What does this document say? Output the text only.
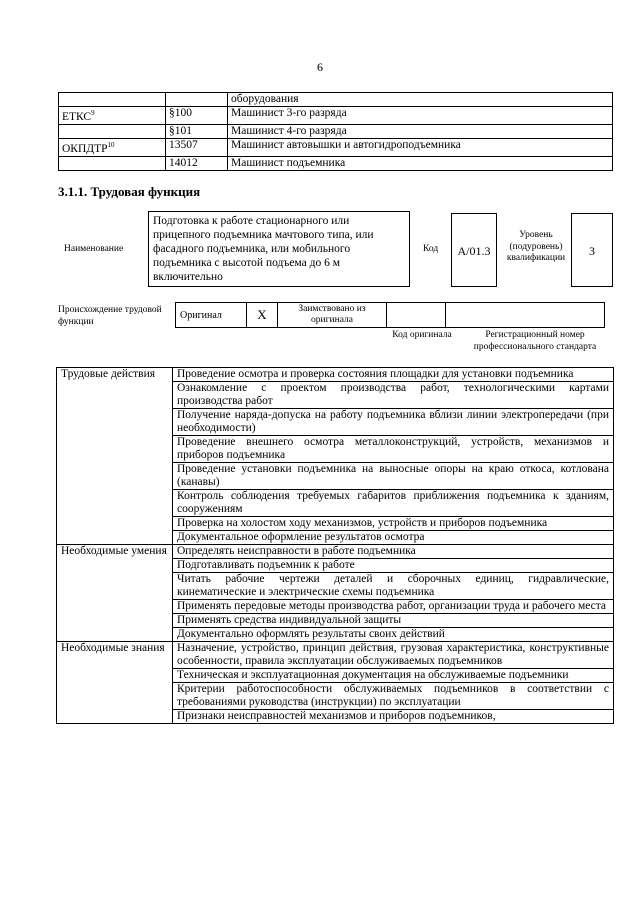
6
		оборудования
ЕТКС$^9$	§100	Машинист 3-го разряда
	§101	Машинист 4-го разряда
ОКПДТР$^{10}$	13507	Машинист автовышки и автогидроподъемника
	14012	Машинист подъемника
3.1.1. Трудовая функция
Наименование
Подготовка к работе стационарного или прицепного подъемника мачтового типа, или фасадного подъемника, или мобильного подъемника с высотой подъема до 6 м включительно
Код	A/01.3
Уровень (подуровень) квалификации	3
Происхождение трудовой функции
Оригинал	X	Заимствовано из оригинала		
Код оригинала	Регистрационный номер профессионального стандарта
Трудовые действия	Проведение осмотра и проверка состояния площадки для установки подъемника
	Ознакомление с проектом производства работ, технологическими картами производства работ
	Получение наряда-допуска на работу подъемника вблизи линии электропередачи (при необходимости)
	Проведение внешнего осмотра металлоконструкций, устройств, механизмов и приборов подъемника
	Проведение установки подъемника на выносные опоры на краю откоса, котлована (канавы)
	Контроль соблюдения требуемых габаритов приближения подъемника к зданиям, сооружениям
	Проверка на холостом ходу механизмов, устройств и приборов подъемника
	Документальное оформление результатов осмотра
Необходимые умения	Определять неисправности в работе подъемника
	Подготавливать подъемник к работе
	Читать рабочие чертежи деталей и сборочных единиц, гидравлические, кинематические и электрические схемы подъемника
	Применять передовые методы производства работ, организации труда и рабочего места
	Применять средства индивидуальной защиты
	Документально оформлять результаты своих действий
Необходимые знания	Назначение, устройство, принцип действия, грузовая характеристика, конструктивные особенности, правила эксплуатации обслуживаемых подъемников
	Техническая и эксплуатационная документация на обслуживаемые подъемники
	Критерии работоспособности обслуживаемых подъемников в соответствии с требованиями руководства (инструкции) по эксплуатации
	Признаки неисправностей механизмов и приборов подъемников,
